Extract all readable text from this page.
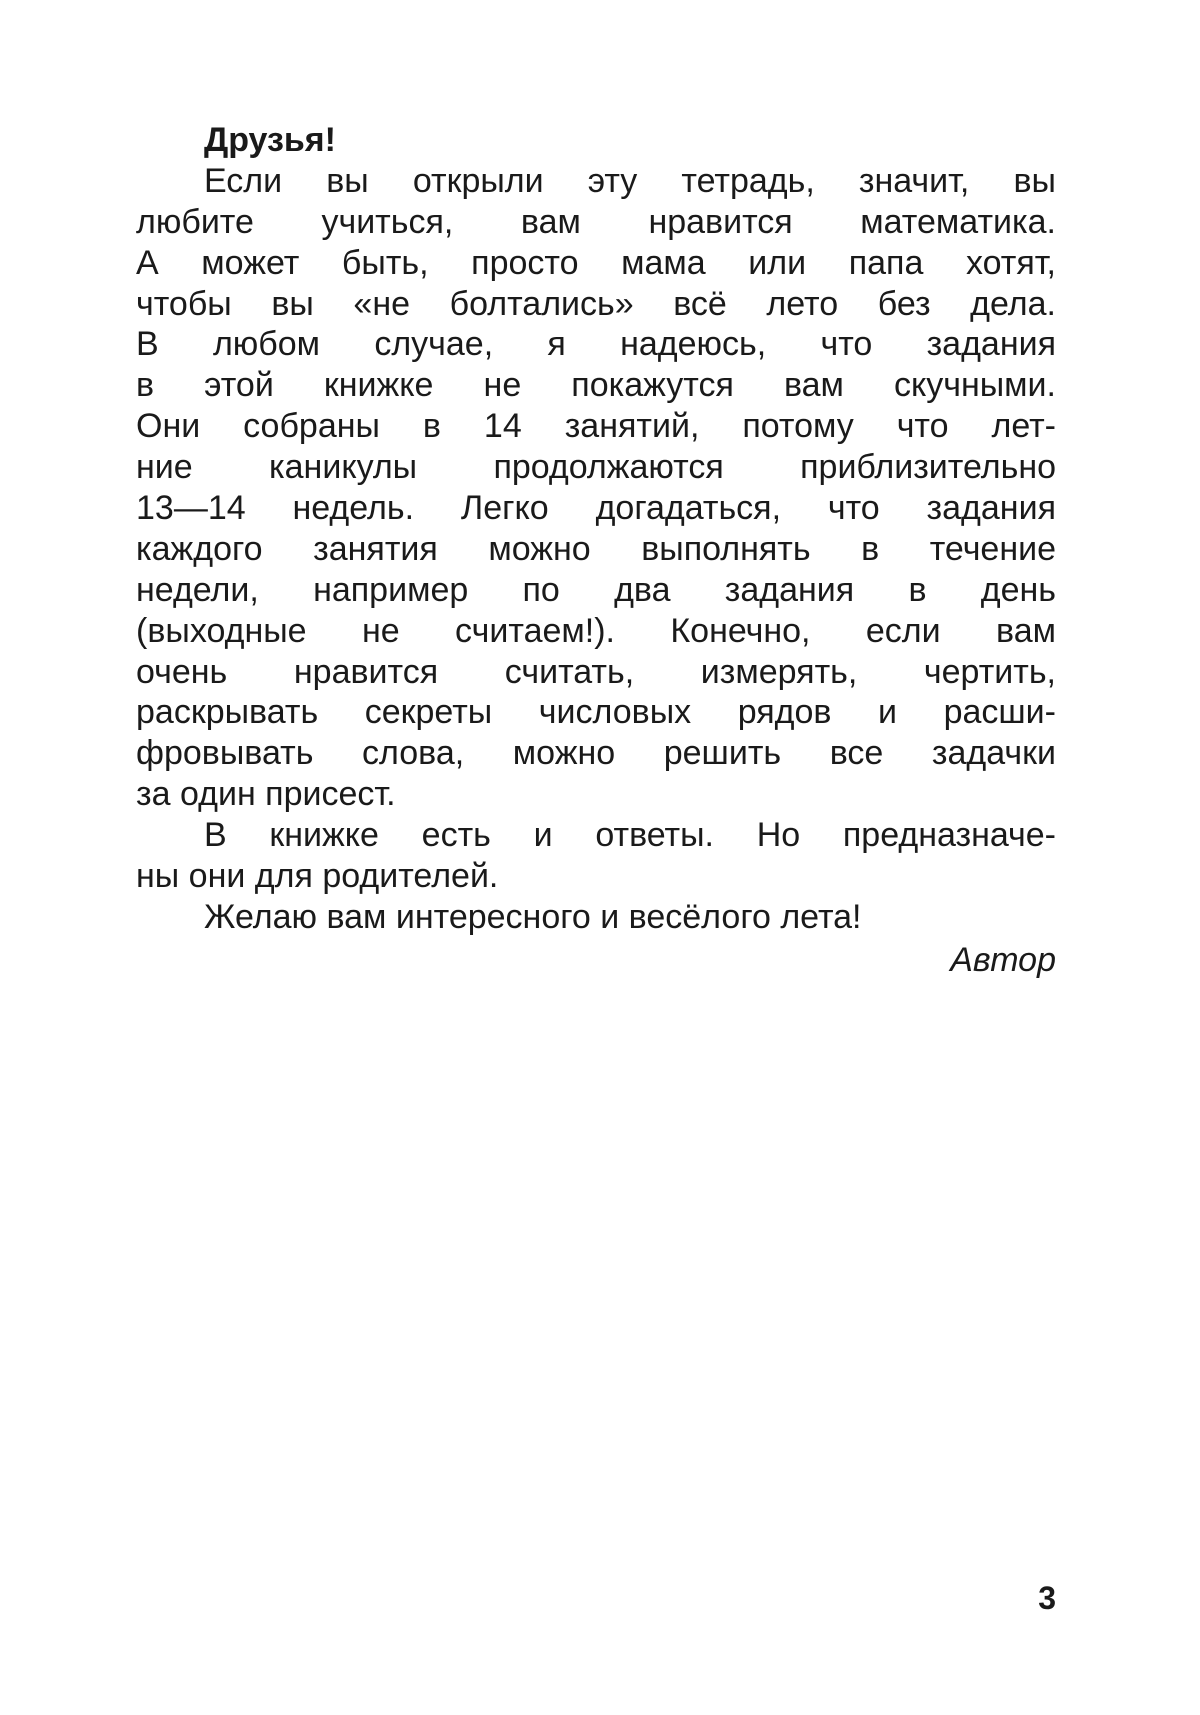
Друзья!
Если вы открыли эту тетрадь, значит, вы
любите учиться, вам нравится математика.
А может быть, просто мама или папа хотят,
чтобы вы «не болтались» всё лето без дела.
В любом случае, я надеюсь, что задания
в этой книжке не покажутся вам скучными.
Они собраны в 14 занятий, потому что лет-
ние каникулы продолжаются приблизительно
13—14 недель. Легко догадаться, что задания
каждого занятия можно выполнять в течение
недели, например по два задания в день
(выходные не считаем!). Конечно, если вам
очень нравится считать, измерять, чертить,
раскрывать секреты числовых рядов и расши-
фровывать слова, можно решить все задачки
за один присест.
В книжке есть и ответы. Но предназначе-
ны они для родителей.
Желаю вам интересного и весёлого лета!
Автор
3
